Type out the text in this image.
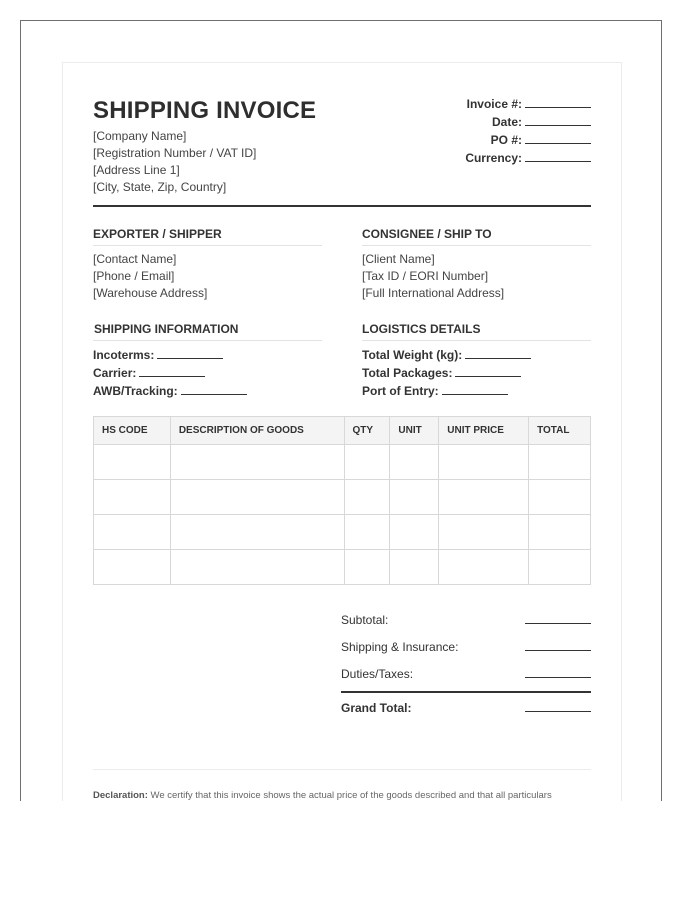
SHIPPING INVOICE
[Company Name]
[Registration Number / VAT ID]
[Address Line 1]
[City, State, Zip, Country]
Invoice #:
Date:
PO #:
Currency:
EXPORTER / SHIPPER
[Contact Name]
[Phone / Email]
[Warehouse Address]
CONSIGNEE / SHIP TO
[Client Name]
[Tax ID / EORI Number]
[Full International Address]
SHIPPING INFORMATION
Incoterms:
Carrier:
AWB/Tracking:
LOGISTICS DETAILS
Total Weight (kg):
Total Packages:
Port of Entry:
HS CODE	DESCRIPTION OF GOODS	QTY	UNIT	UNIT PRICE	TOTAL

Subtotal:
Shipping & Insurance:
Duties/Taxes:
Grand Total:
Declaration: We certify that this invoice shows the actual price of the goods described and that all particulars
